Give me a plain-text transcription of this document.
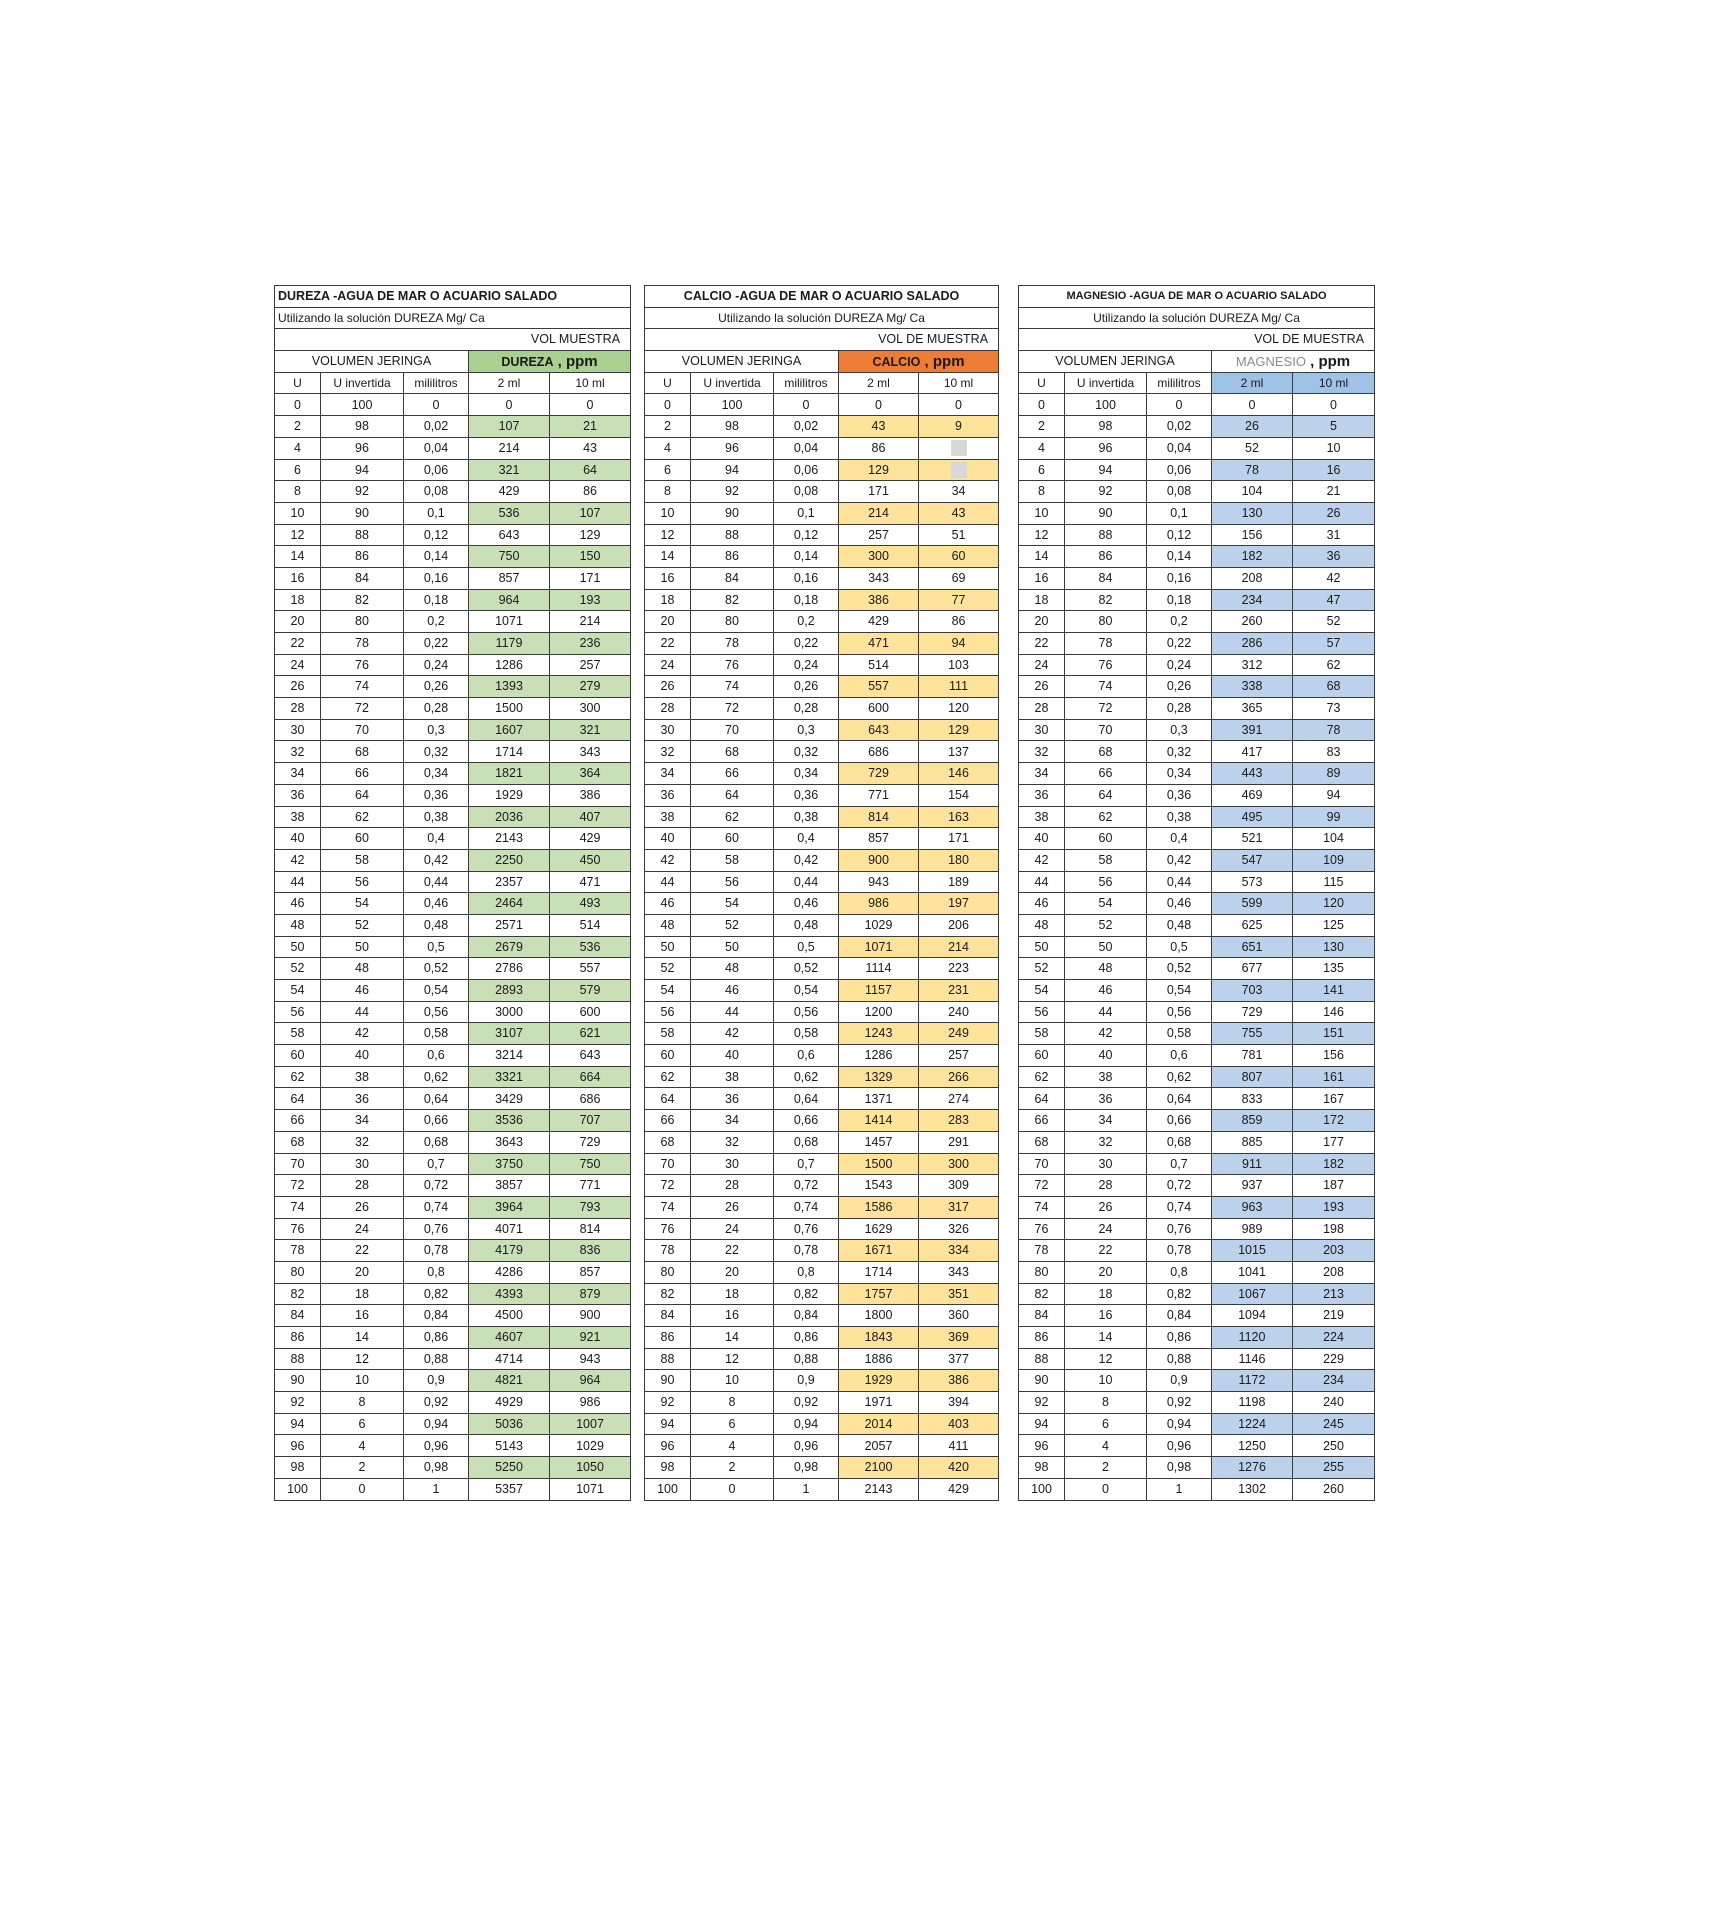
DUREZA -AGUA DE MAR O ACUARIO SALADO				
Utilizando la solución DUREZA Mg/ Ca				
			VOL MUESTRA	
VOLUMEN JERINGA			DUREZA , ppm	
U	U invertida	mililitros	2 ml	10 ml
0	100	0	0	0
2	98	0,02	107	21
4	96	0,04	214	43
6	94	0,06	321	64
8	92	0,08	429	86
10	90	0,1	536	107
12	88	0,12	643	129
14	86	0,14	750	150
16	84	0,16	857	171
18	82	0,18	964	193
20	80	0,2	1071	214
22	78	0,22	1179	236
24	76	0,24	1286	257
26	74	0,26	1393	279
28	72	0,28	1500	300
30	70	0,3	1607	321
32	68	0,32	1714	343
34	66	0,34	1821	364
36	64	0,36	1929	386
38	62	0,38	2036	407
40	60	0,4	2143	429
42	58	0,42	2250	450
44	56	0,44	2357	471
46	54	0,46	2464	493
48	52	0,48	2571	514
50	50	0,5	2679	536
52	48	0,52	2786	557
54	46	0,54	2893	579
56	44	0,56	3000	600
58	42	0,58	3107	621
60	40	0,6	3214	643
62	38	0,62	3321	664
64	36	0,64	3429	686
66	34	0,66	3536	707
68	32	0,68	3643	729
70	30	0,7	3750	750
72	28	0,72	3857	771
74	26	0,74	3964	793
76	24	0,76	4071	814
78	22	0,78	4179	836
80	20	0,8	4286	857
82	18	0,82	4393	879
84	16	0,84	4500	900
86	14	0,86	4607	921
88	12	0,88	4714	943
90	10	0,9	4821	964
92	8	0,92	4929	986
94	6	0,94	5036	1007
96	4	0,96	5143	1029
98	2	0,98	5250	1050
100	0	1	5357	1071
CALCIO -AGUA DE MAR O ACUARIO SALADO				
Utilizando la solución DUREZA Mg/ Ca				
			VOL DE MUESTRA	
VOLUMEN JERINGA			CALCIO , ppm	
U	U invertida	mililitros	2 ml	10 ml
0	100	0	0	0
2	98	0,02	43	9
4	96	0,04	86	
6	94	0,06	129	
8	92	0,08	171	34
10	90	0,1	214	43
12	88	0,12	257	51
14	86	0,14	300	60
16	84	0,16	343	69
18	82	0,18	386	77
20	80	0,2	429	86
22	78	0,22	471	94
24	76	0,24	514	103
26	74	0,26	557	111
28	72	0,28	600	120
30	70	0,3	643	129
32	68	0,32	686	137
34	66	0,34	729	146
36	64	0,36	771	154
38	62	0,38	814	163
40	60	0,4	857	171
42	58	0,42	900	180
44	56	0,44	943	189
46	54	0,46	986	197
48	52	0,48	1029	206
50	50	0,5	1071	214
52	48	0,52	1114	223
54	46	0,54	1157	231
56	44	0,56	1200	240
58	42	0,58	1243	249
60	40	0,6	1286	257
62	38	0,62	1329	266
64	36	0,64	1371	274
66	34	0,66	1414	283
68	32	0,68	1457	291
70	30	0,7	1500	300
72	28	0,72	1543	309
74	26	0,74	1586	317
76	24	0,76	1629	326
78	22	0,78	1671	334
80	20	0,8	1714	343
82	18	0,82	1757	351
84	16	0,84	1800	360
86	14	0,86	1843	369
88	12	0,88	1886	377
90	10	0,9	1929	386
92	8	0,92	1971	394
94	6	0,94	2014	403
96	4	0,96	2057	411
98	2	0,98	2100	420
100	0	1	2143	429
MAGNESIO -AGUA DE MAR O ACUARIO SALADO				
Utilizando la solución DUREZA Mg/ Ca				
			VOL DE MUESTRA	
VOLUMEN JERINGA			MAGNESIO , ppm	
U	U invertida	mililitros	2 ml	10 ml
0	100	0	0	0
2	98	0,02	26	5
4	96	0,04	52	10
6	94	0,06	78	16
8	92	0,08	104	21
10	90	0,1	130	26
12	88	0,12	156	31
14	86	0,14	182	36
16	84	0,16	208	42
18	82	0,18	234	47
20	80	0,2	260	52
22	78	0,22	286	57
24	76	0,24	312	62
26	74	0,26	338	68
28	72	0,28	365	73
30	70	0,3	391	78
32	68	0,32	417	83
34	66	0,34	443	89
36	64	0,36	469	94
38	62	0,38	495	99
40	60	0,4	521	104
42	58	0,42	547	109
44	56	0,44	573	115
46	54	0,46	599	120
48	52	0,48	625	125
50	50	0,5	651	130
52	48	0,52	677	135
54	46	0,54	703	141
56	44	0,56	729	146
58	42	0,58	755	151
60	40	0,6	781	156
62	38	0,62	807	161
64	36	0,64	833	167
66	34	0,66	859	172
68	32	0,68	885	177
70	30	0,7	911	182
72	28	0,72	937	187
74	26	0,74	963	193
76	24	0,76	989	198
78	22	0,78	1015	203
80	20	0,8	1041	208
82	18	0,82	1067	213
84	16	0,84	1094	219
86	14	0,86	1120	224
88	12	0,88	1146	229
90	10	0,9	1172	234
92	8	0,92	1198	240
94	6	0,94	1224	245
96	4	0,96	1250	250
98	2	0,98	1276	255
100	0	1	1302	260
